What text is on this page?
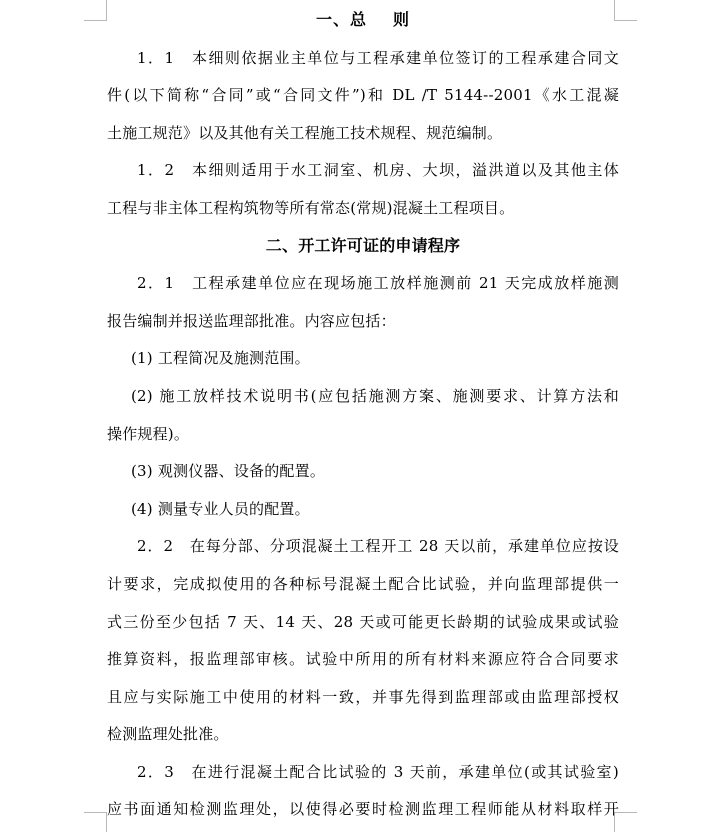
一、总 则
1．1　本细则依据业主单位与工程承建单位签订的工程承建合同文
件(以下简称“合同”或“合同文件”)和 DL /T 5144--2001《水工混凝
土施工规范》以及其他有关工程施工技术规程、规范编制。
1．2　本细则适用于水工洞室、机房、大坝，溢洪道以及其他主体
工程与非主体工程构筑物等所有常态(常规)混凝土工程项目。
二、开工许可证的申请程序
2．1　工程承建单位应在现场施工放样施测前 21 天完成放样施测
报告编制并报送监理部批准。内容应包括：
(1) 工程简况及施测范围。
(2) 施工放样技术说明书(应包括施测方案、施测要求、计算方法和
操作规程)。
(3) 观测仪器、设备的配置。
(4) 测量专业人员的配置。
2．2　在每分部、分项混凝土工程开工 28 天以前，承建单位应按设
计要求，完成拟使用的各种标号混凝土配合比试验，并向监理部提供一
式三份至少包括 7 天、14 天、28 天或可能更长龄期的试验成果或试验
推算资料，报监理部审核。试验中所用的所有材料来源应符合合同要求
且应与实际施工中使用的材料一致，并事先得到监理部或由监理部授权
检测监理处批准。
2．3　在进行混凝土配合比试验的 3 天前，承建单位(或其试验室)
应书面通知检测监理处，以使得必要时检测监理工程师能从材料取样开
